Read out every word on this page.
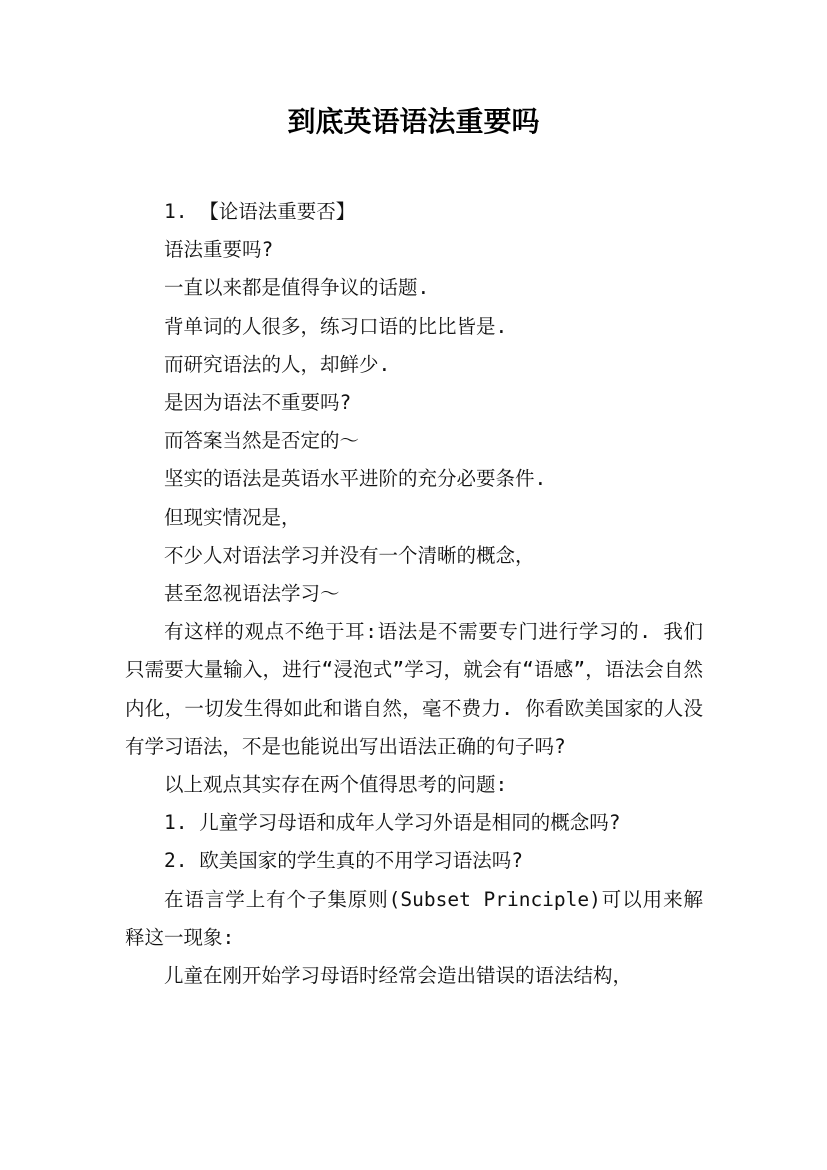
到底英语语法重要吗

1. 【论语法重要否】

语法重要吗?

一直以来都是值得争议的话题.

背单词的人很多，练习口语的比比皆是.

而研究语法的人，却鲜少.

是因为语法不重要吗?

而答案当然是否定的～

坚实的语法是英语水平进阶的充分必要条件.

但现实情况是，

不少人对语法学习并没有一个清晰的概念，

甚至忽视语法学习～

有这样的观点不绝于耳:语法是不需要专门进行学习的. 我们只需要大量输入，进行“浸泡式”学习，就会有“语感”，语法会自然内化，一切发生得如此和谐自然，毫不费力. 你看欧美国家的人没有学习语法，不是也能说出写出语法正确的句子吗?

以上观点其实存在两个值得思考的问题:

1. 儿童学习母语和成年人学习外语是相同的概念吗?

2. 欧美国家的学生真的不用学习语法吗?

在语言学上有个子集原则(Subset Principle)可以用来解释这一现象:

儿童在刚开始学习母语时经常会造出错误的语法结构，
